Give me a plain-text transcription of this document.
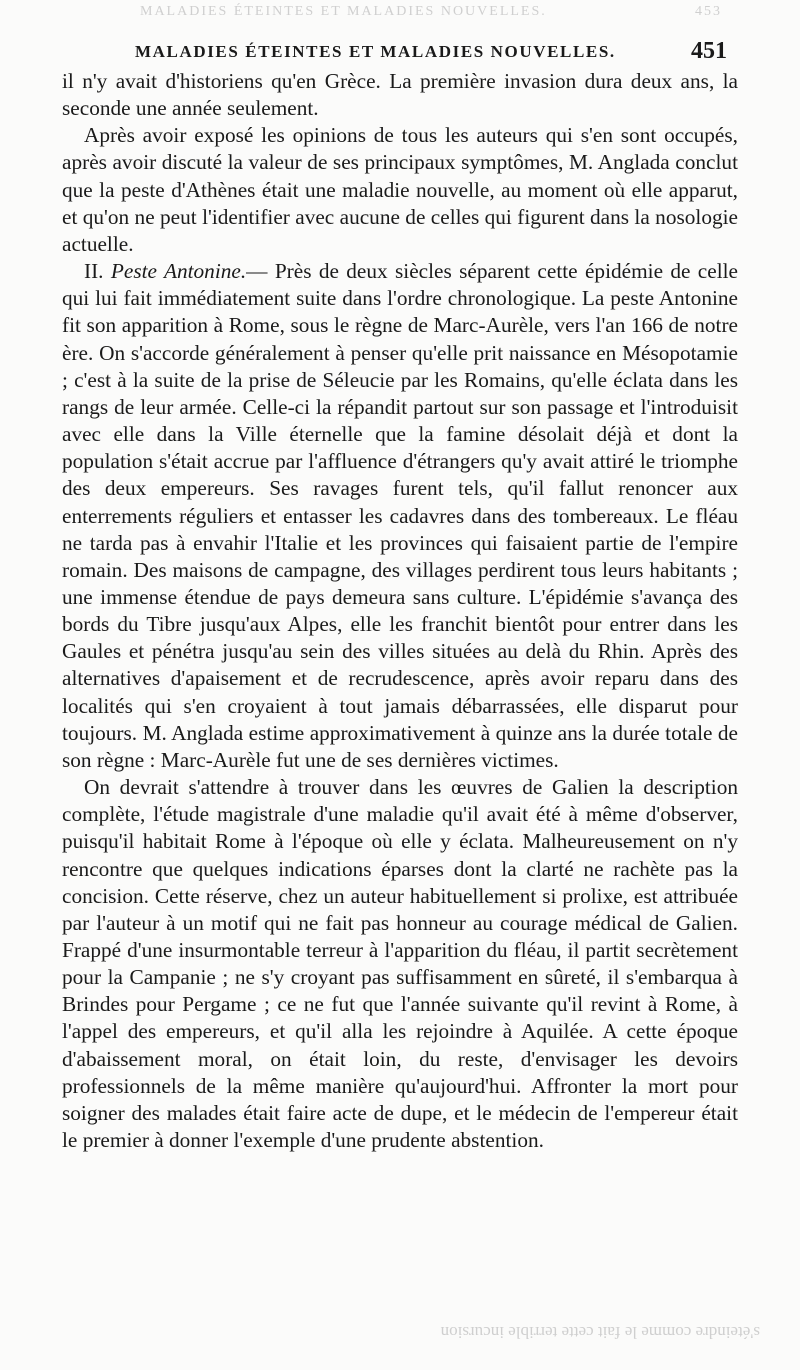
MALADIES ÉTEINTES ET MALADIES NOUVELLES.	453
MALADIES ÉTEINTES ET MALADIES NOUVELLES.	451

il n'y avait d'historiens qu'en Grèce. La première invasion dura deux ans, la seconde une année seulement.

Après avoir exposé les opinions de tous les auteurs qui s'en sont occupés, après avoir discuté la valeur de ses principaux symptômes, M. Anglada conclut que la peste d'Athènes était une maladie nouvelle, au moment où elle apparut, et qu'on ne peut l'identifier avec aucune de celles qui figurent dans la nosologie actuelle.

II. Peste Antonine.— Près de deux siècles séparent cette épidémie de celle qui lui fait immédiatement suite dans l'ordre chronologique. La peste Antonine fit son apparition à Rome, sous le règne de Marc-Aurèle, vers l'an 166 de notre ère. On s'accorde généralement à penser qu'elle prit naissance en Mésopotamie ; c'est à la suite de la prise de Séleucie par les Romains, qu'elle éclata dans les rangs de leur armée. Celle-ci la répandit partout sur son passage et l'introduisit avec elle dans la Ville éternelle que la famine désolait déjà et dont la population s'était accrue par l'affluence d'étrangers qu'y avait attiré le triomphe des deux empereurs. Ses ravages furent tels, qu'il fallut renoncer aux enterrements réguliers et entasser les cadavres dans des tombereaux. Le fléau ne tarda pas à envahir l'Italie et les provinces qui faisaient partie de l'empire romain. Des maisons de campagne, des villages perdirent tous leurs habitants ; une immense étendue de pays demeura sans culture. L'épidémie s'avança des bords du Tibre jusqu'aux Alpes, elle les franchit bientôt pour entrer dans les Gaules et pénétra jusqu'au sein des villes situées au delà du Rhin. Après des alternatives d'apaisement et de recrudescence, après avoir reparu dans des localités qui s'en croyaient à tout jamais débarrassées, elle disparut pour toujours. M. Anglada estime approximativement à quinze ans la durée totale de son règne : Marc-Aurèle fut une de ses dernières victimes.

On devrait s'attendre à trouver dans les œuvres de Galien la description complète, l'étude magistrale d'une maladie qu'il avait été à même d'observer, puisqu'il habitait Rome à l'époque où elle y éclata. Malheureusement on n'y rencontre que quelques indications éparses dont la clarté ne rachète pas la concision. Cette réserve, chez un auteur habituellement si prolixe, est attribuée par l'auteur à un motif qui ne fait pas honneur au courage médical de Galien. Frappé d'une insurmontable terreur à l'apparition du fléau, il partit secrètement pour la Campanie ; ne s'y croyant pas suffisamment en sûreté, il s'embarqua à Brindes pour Pergame ; ce ne fut que l'année suivante qu'il revint à Rome, à l'appel des empereurs, et qu'il alla les rejoindre à Aquilée. A cette époque d'abaissement moral, on était loin, du reste, d'envisager les devoirs professionnels de la même manière qu'aujourd'hui. Affronter la mort pour soigner des malades était faire acte de dupe, et le médecin de l'empereur était le premier à donner l'exemple d'une prudente abstention.

s'éteindre comme le fait cette terrible incursion
